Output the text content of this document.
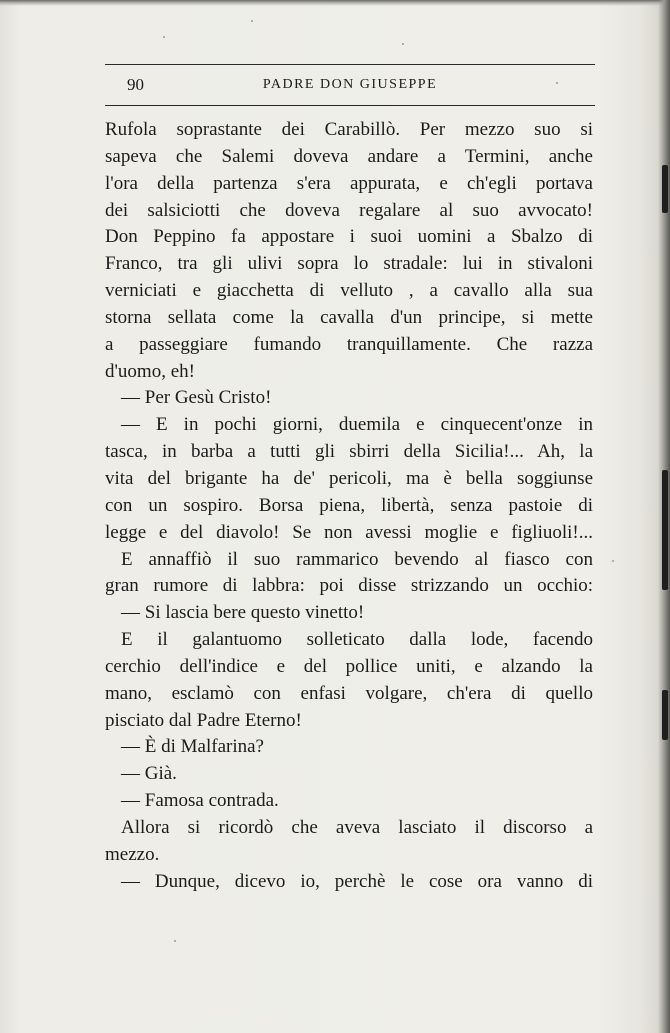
90	PADRE DON GIUSEPPE
Rufola soprastante dei Carabillò. Per mezzo suo si
sapeva che Salemi doveva andare a Termini, anche
l'ora della partenza s'era appurata, e ch'egli portava
dei salsiciotti che doveva regalare al suo avvocato!
Don Peppino fa appostare i suoi uomini a Sbalzo di
Franco, tra gli ulivi sopra lo stradale: lui in stivaloni
verniciati e giacchetta di velluto , a cavallo alla sua
storna sellata come la cavalla d'un principe, si mette
a passeggiare fumando tranquillamente. Che razza
d'uomo, eh!
— Per Gesù Cristo!
— E in pochi giorni, duemila e cinquecent'onze in
tasca, in barba a tutti gli sbirri della Sicilia!... Ah, la
vita del brigante ha de' pericoli, ma è bella soggiunse
con un sospiro. Borsa piena, libertà, senza pastoie di
legge e del diavolo! Se non avessi moglie e figliuoli!...
E annaffiò il suo rammarico bevendo al fiasco con
gran rumore di labbra: poi disse strizzando un occhio:
— Si lascia bere questo vinetto!
E il galantuomo solleticato dalla lode, facendo
cerchio dell'indice e del pollice uniti, e alzando la
mano, esclamò con enfasi volgare, ch'era di quello
pisciato dal Padre Eterno!
— È di Malfarina?
— Già.
— Famosa contrada.
Allora si ricordò che aveva lasciato il discorso a
mezzo.
— Dunque, dicevo io, perchè le cose ora vanno di
